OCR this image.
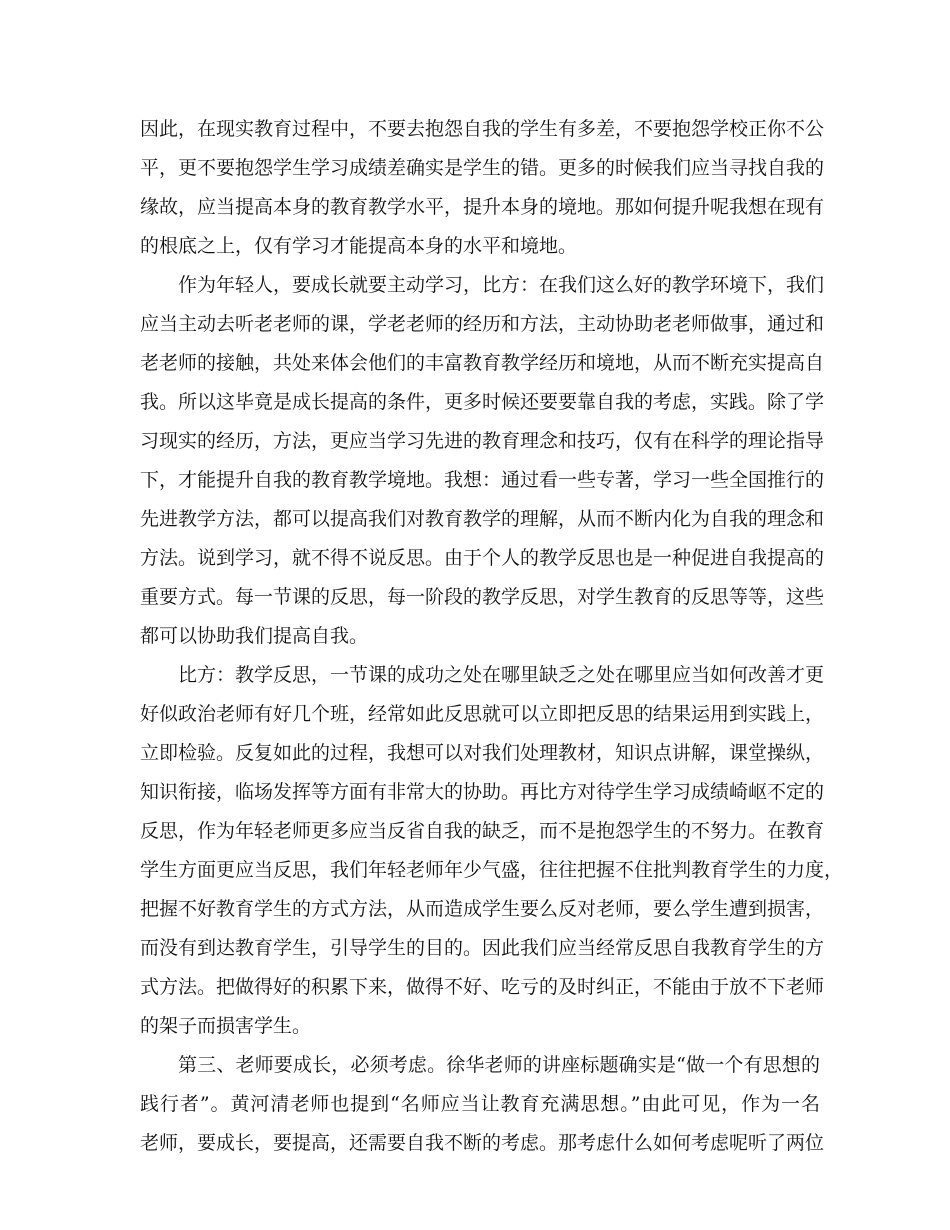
因此，在现实教育过程中，不要去抱怨自我的学生有多差，不要抱怨学校正你不公
平，更不要抱怨学生学习成绩差确实是学生的错。更多的时候我们应当寻找自我的
缘故，应当提高本身的教育教学水平，提升本身的境地。那如何提升呢我想在现有
的根底之上，仅有学习才能提高本身的水平和境地。
作为年轻人，要成长就要主动学习，比方：在我们这么好的教学环境下，我们
应当主动去听老老师的课，学老老师的经历和方法，主动协助老老师做事，通过和
老老师的接触，共处来体会他们的丰富教育教学经历和境地，从而不断充实提高自
我。所以这毕竟是成长提高的条件，更多时候还要要靠自我的考虑，实践。除了学
习现实的经历，方法，更应当学习先进的教育理念和技巧，仅有在科学的理论指导
下，才能提升自我的教育教学境地。我想：通过看一些专著，学习一些全国推行的
先进教学方法，都可以提高我们对教育教学的理解，从而不断内化为自我的理念和
方法。说到学习，就不得不说反思。由于个人的教学反思也是一种促进自我提高的
重要方式。每一节课的反思，每一阶段的教学反思，对学生教育的反思等等，这些
都可以协助我们提高自我。
比方：教学反思，一节课的成功之处在哪里缺乏之处在哪里应当如何改善才更
好似政治老师有好几个班，经常如此反思就可以立即把反思的结果运用到实践上，
立即检验。反复如此的过程，我想可以对我们处理教材，知识点讲解，课堂操纵，
知识衔接，临场发挥等方面有非常大的协助。再比方对待学生学习成绩崎岖不定的
反思，作为年轻老师更多应当反省自我的缺乏，而不是抱怨学生的不努力。在教育
学生方面更应当反思，我们年轻老师年少气盛，往往把握不住批判教育学生的力度，
把握不好教育学生的方式方法，从而造成学生要么反对老师，要么学生遭到损害，
而没有到达教育学生，引导学生的目的。因此我们应当经常反思自我教育学生的方
式方法。把做得好的积累下来，做得不好、吃亏的及时纠正，不能由于放不下老师
的架子而损害学生。
第三、老师要成长，必须考虑。徐华老师的讲座标题确实是“做一个有思想的
践行者”。黄河清老师也提到“名师应当让教育充满思想。”由此可见，作为一名
老师，要成长，要提高，还需要自我不断的考虑。那考虑什么如何考虑呢听了两位
